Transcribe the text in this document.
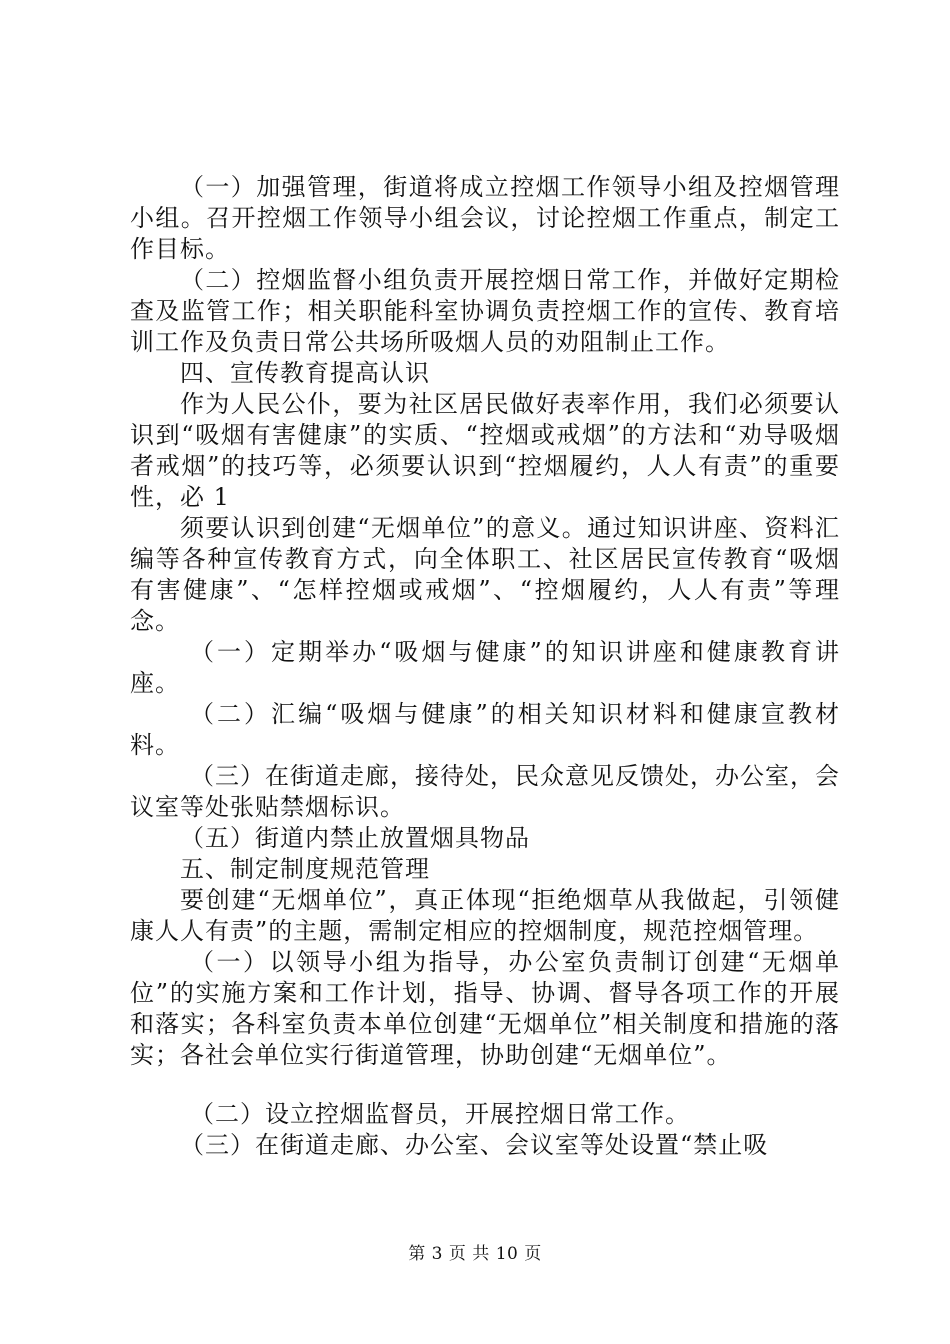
（一）加强管理，街道将成立控烟工作领导小组及控烟管理小组。召开控烟工作领导小组会议，讨论控烟工作重点，制定工作目标。

（二）控烟监督小组负责开展控烟日常工作，并做好定期检查及监管工作；相关职能科室协调负责控烟工作的宣传、教育培训工作及负责日常公共场所吸烟人员的劝阻制止工作。

四、宣传教育提高认识

作为人民公仆，要为社区居民做好表率作用，我们必须要认识到“吸烟有害健康”的实质、“控烟或戒烟”的方法和“劝导吸烟者戒烟”的技巧等，必须要认识到“控烟履约，人人有责”的重要性，必 1

须要认识到创建“无烟单位”的意义。通过知识讲座、资料汇编等各种宣传教育方式，向全体职工、社区居民宣传教育“吸烟有害健康”、“怎样控烟或戒烟”、“控烟履约，人人有责”等理念。

（一）定期举办“吸烟与健康”的知识讲座和健康教育讲座。

（二）汇编“吸烟与健康”的相关知识材料和健康宣教材料。

（三）在街道走廊，接待处，民众意见反馈处，办公室，会议室等处张贴禁烟标识。

（五）街道内禁止放置烟具物品

五、制定制度规范管理

要创建“无烟单位”，真正体现“拒绝烟草从我做起，引领健康人人有责”的主题，需制定相应的控烟制度，规范控烟管理。

（一）以领导小组为指导，办公室负责制订创建“无烟单位”的实施方案和工作计划，指导、协调、督导各项工作的开展和落实；各科室负责本单位创建“无烟单位”相关制度和措施的落实；各社会单位实行街道管理，协助创建“无烟单位”。

（二）设立控烟监督员，开展控烟日常工作。

（三）在街道走廊、办公室、会议室等处设置“禁止吸

第 3 页 共 10 页
